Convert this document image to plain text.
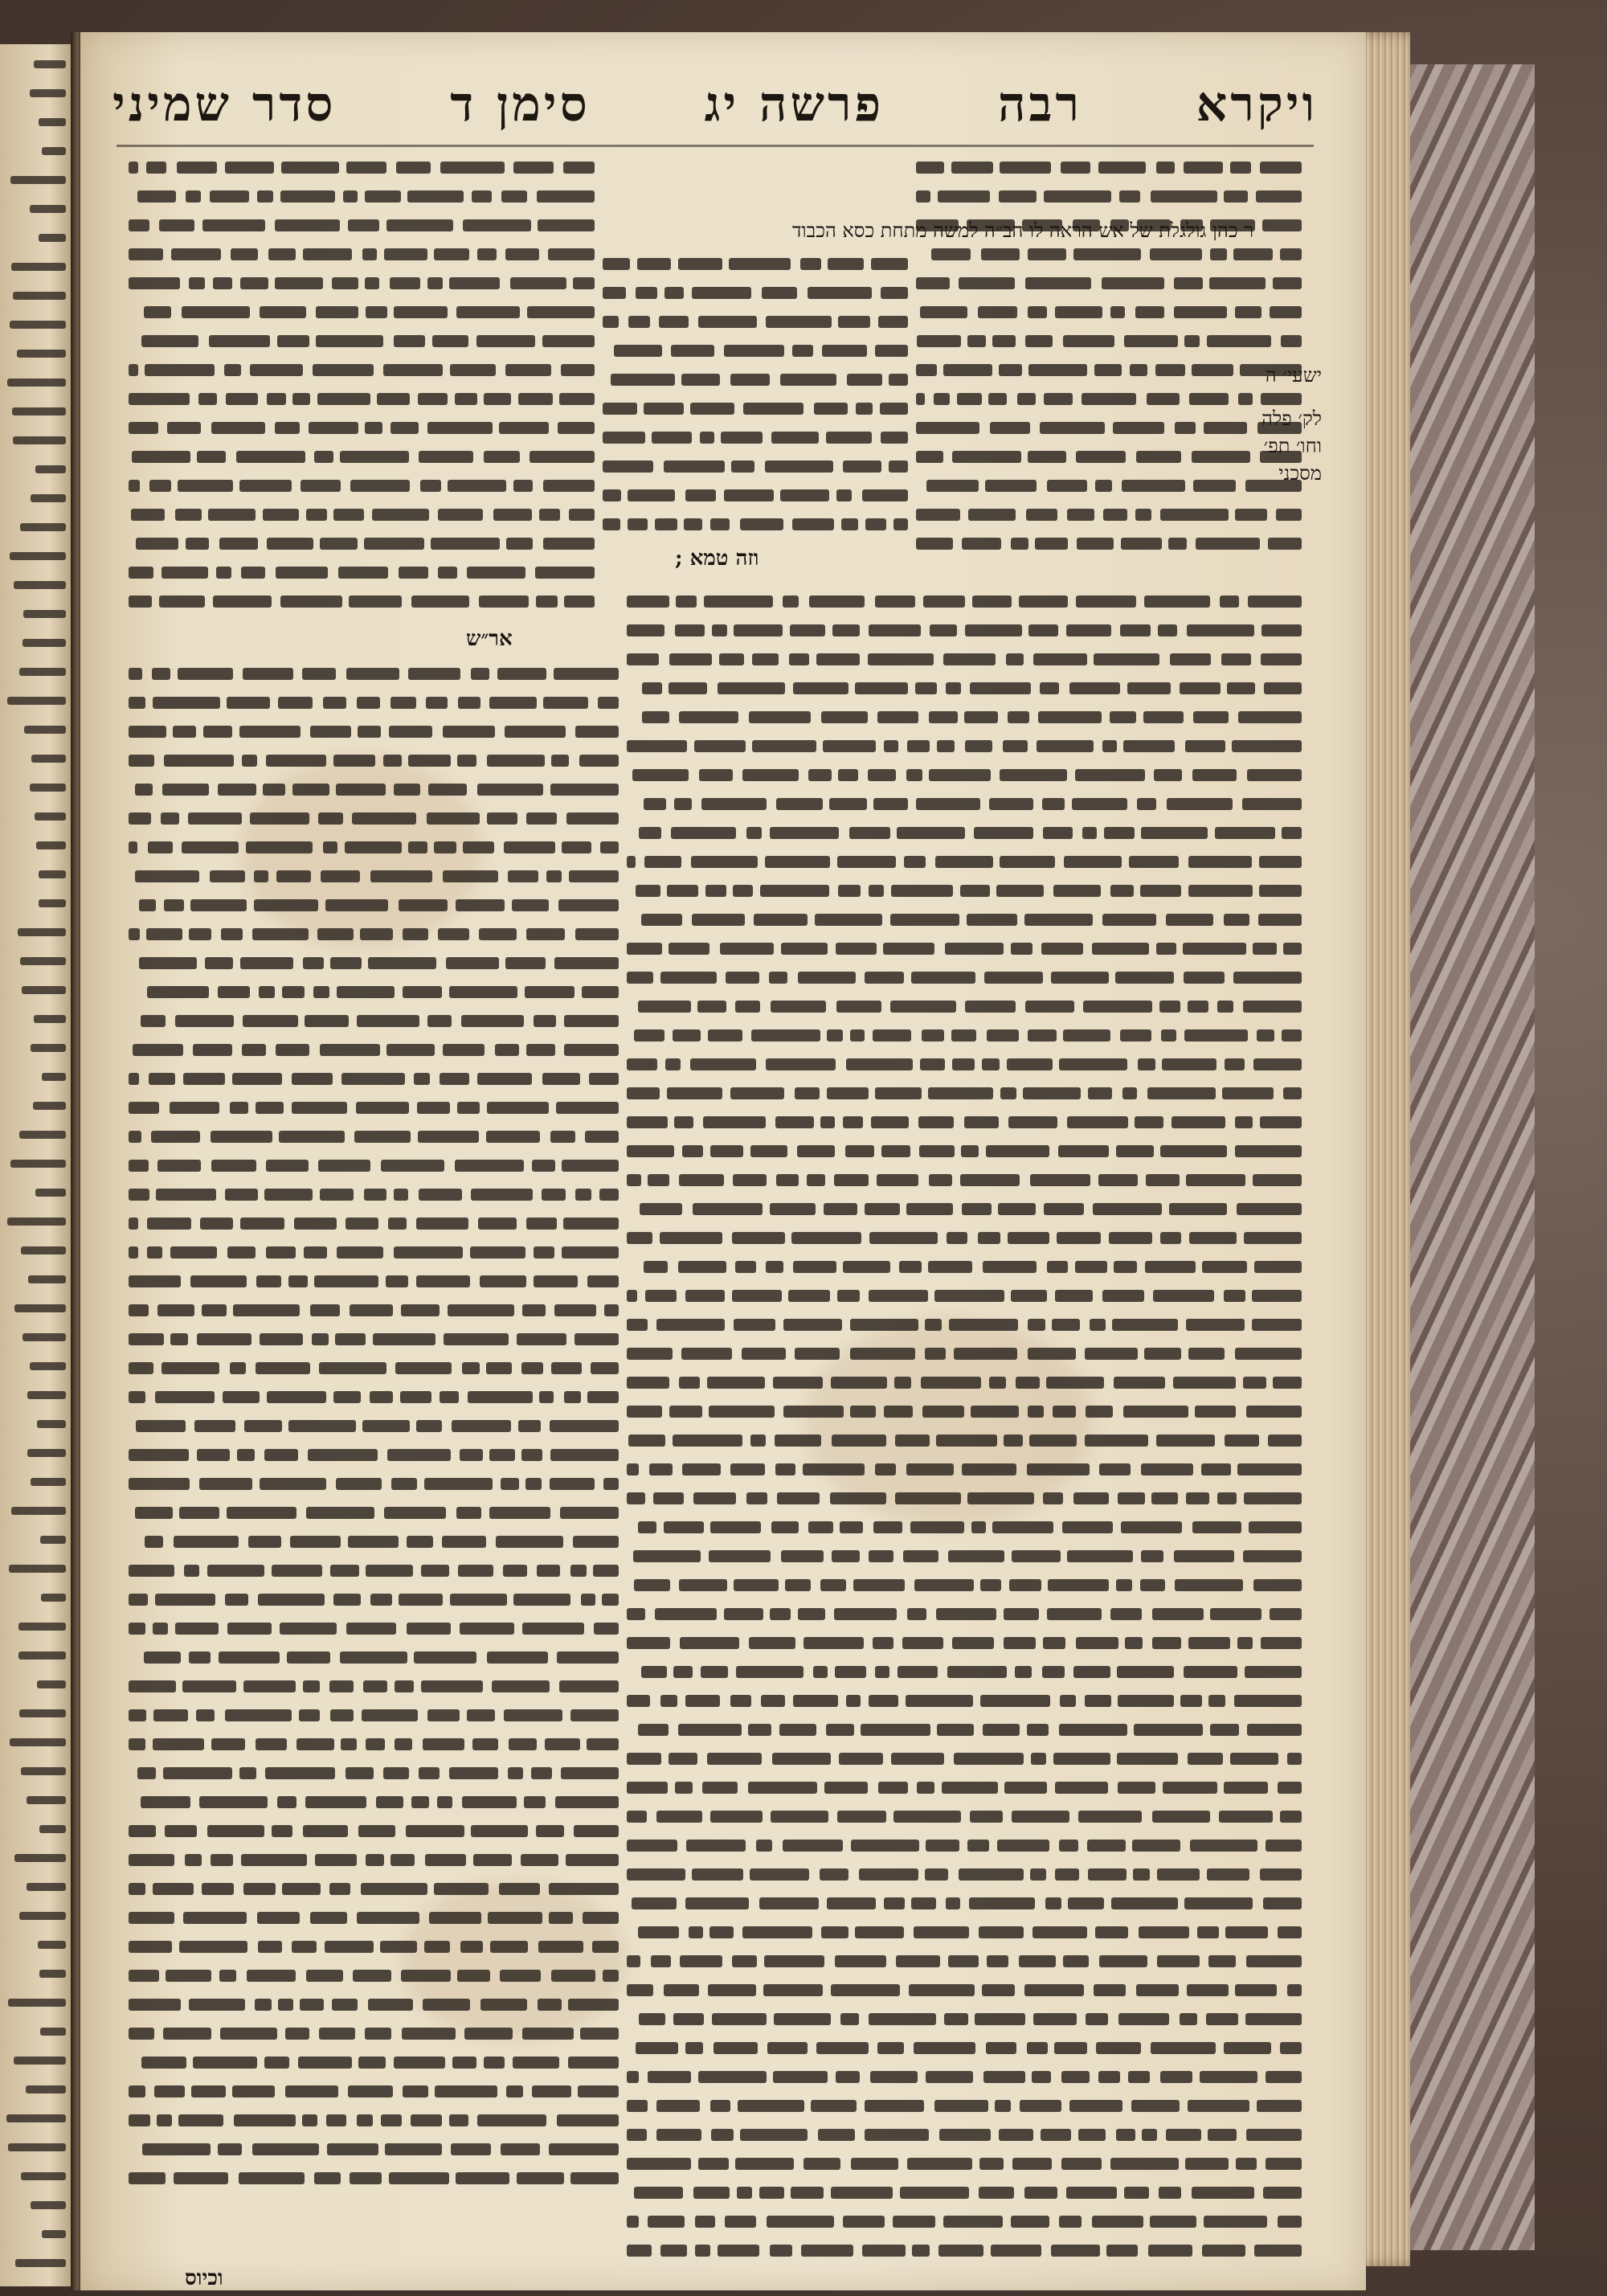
ויקרא
רבה
פרשה יג
סימן ד
סדר שמיני
ר כהן גולגלת של אש הראה לו הב״ה למשה מתחת כסא הכבוד
וזה טמא ;
אר״ש
וכיוס
ישעי׳ ה
לק׳ פלה
וחו׳ תפ׳
מסכני
